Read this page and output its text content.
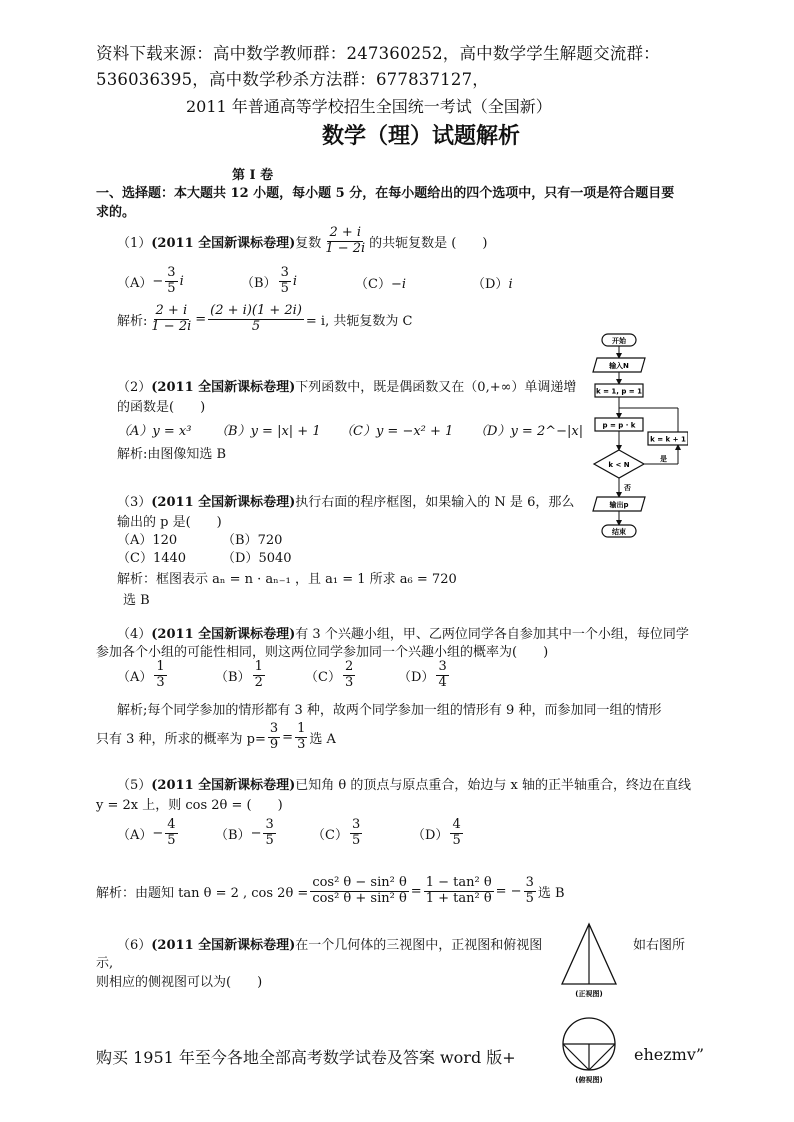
资料下载来源：高中数学教师群：247360252，高中数学学生解题交流群：
536036395，高中数学秒杀方法群：677837127，
2011 年普通高等学校招生全国统一考试（全国新）
数学（理）试题解析
第 I 卷
一、选择题：本大题共 12 小题，每小题 5 分，在每小题给出的四个选项中，只有一项是符合题目要
求的。
（1） (2011 全国新课标卷理) 复数 $\frac{2 + i}{1 - 2i}$ 的共轭复数是 (　　)
$(A) - \frac{3}{5}$ i	$(B) \frac{3}{5}$ i	（C）−i	（D）i
解析: $\frac{2 + i}{1 - 2i} = \frac{(2 + i)(1 + 2i)}{5} = i$, 共轭复数为 C
（2）(2011 全国新课标卷理)下列函数中，既是偶函数又在（0,+∞）单调递增
的函数是(　　)
（A）y = x³ （B）y = |x| + 1 （C）y = −x² + 1 （D）y = 2^−|x|
解析:由图像知选 B
开始
输入N
k = 1, p = 1
p = p · k
k < N
是
k = k + 1
否
输出p
结束
（3）(2011 全国新课标卷理)执行右面的程序框图，如果输入的 N 是 6，那么
输出的 p 是(　　)
（A）120	（B）720
（C）1440	（D）5040
解析：框图表示 aₙ = n · aₙ₋₁ ，且 a₁ = 1 所求 a₆ = 720
选 B
（4）(2011 全国新课标卷理)有 3 个兴趣小组，甲、乙两位同学各自参加其中一个小组，每位同学
参加各个小组的可能性相同，则这两位同学参加同一个兴趣小组的概率为(　　)
$(A) \frac{1}{3}$	$(B) \frac{1}{2}$	$(C) \frac{2}{3}$	$(D) \frac{3}{4}$
解析;每个同学参加的情形都有 3 种，故两个同学参加一组的情形有 9 种，而参加同一组的情形
只有 3 种，所求的概率为 $p= \frac{3}{9} = \frac{1}{3}$ 选 A
（5）(2011 全国新课标卷理)已知角 θ 的顶点与原点重合，始边与 x 轴的正半轴重合，终边在直线
y = 2x 上，则 cos 2θ = (　　)
$(A) - \frac{4}{5}$	$(B) - \frac{3}{5}$	$(C) \frac{3}{5}$	$(D) \frac{4}{5}$
解析：由题知 tan θ = 2 , $\cos 2\theta = \frac{\text{cos² θ − sin² θ}}{\text{cos² θ + sin² θ}} = \frac{\text{1 − tan² θ}}{\text{1 + tan² θ}}$ = − $\frac{3}{5}$ 选 B
（6）(2011 全国新课标卷理)在一个几何体的三视图中，正视图和俯视图	如右图所
示,
则相应的侧视图可以为(　　)
(正视图)
(俯视图)
购买 1951 年至今各地全部高考数学试卷及答案 word 版+	ehezmv”
